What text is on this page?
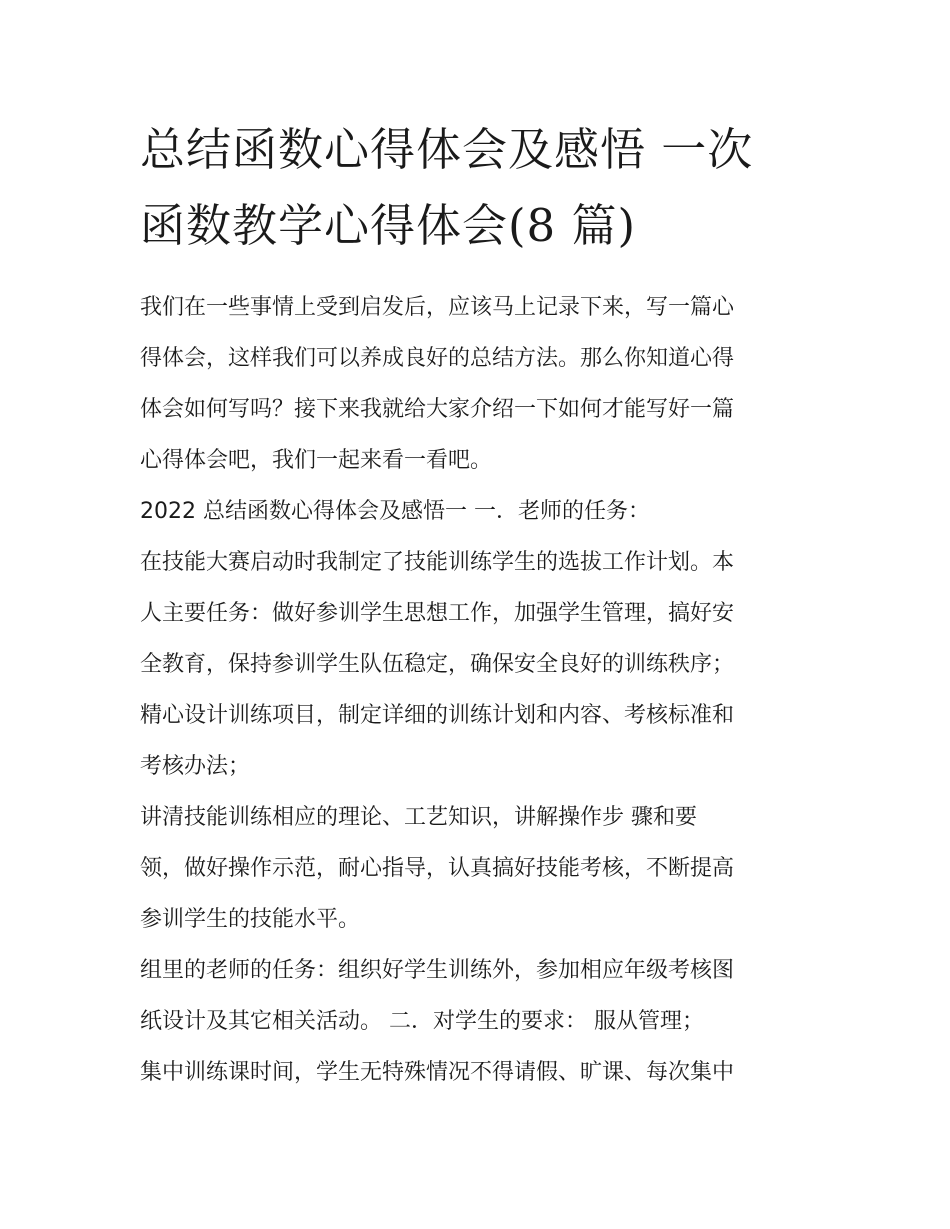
总结函数心得体会及感悟 一次
函数教学心得体会(8 篇)
我们在一些事情上受到启发后，应该马上记录下来，写一篇心
得体会，这样我们可以养成良好的总结方法。那么你知道心得
体会如何写吗？接下来我就给大家介绍一下如何才能写好一篇
心得体会吧，我们一起来看一看吧。
2022 总结函数心得体会及感悟一 一．老师的任务：
在技能大赛启动时我制定了技能训练学生的选拔工作计划。本
人主要任务：做好参训学生思想工作，加强学生管理，搞好安
全教育，保持参训学生队伍稳定，确保安全良好的训练秩序；
精心设计训练项目，制定详细的训练计划和内容、考核标准和
考核办法；
讲清技能训练相应的理论、工艺知识，讲解操作步 骤和要
领，做好操作示范，耐心指导，认真搞好技能考核，不断提高
参训学生的技能水平。
组里的老师的任务：组织好学生训练外，参加相应年级考核图
纸设计及其它相关活动。 二．对学生的要求： 服从管理；
集中训练课时间，学生无特殊情况不得请假、旷课、每次集中
